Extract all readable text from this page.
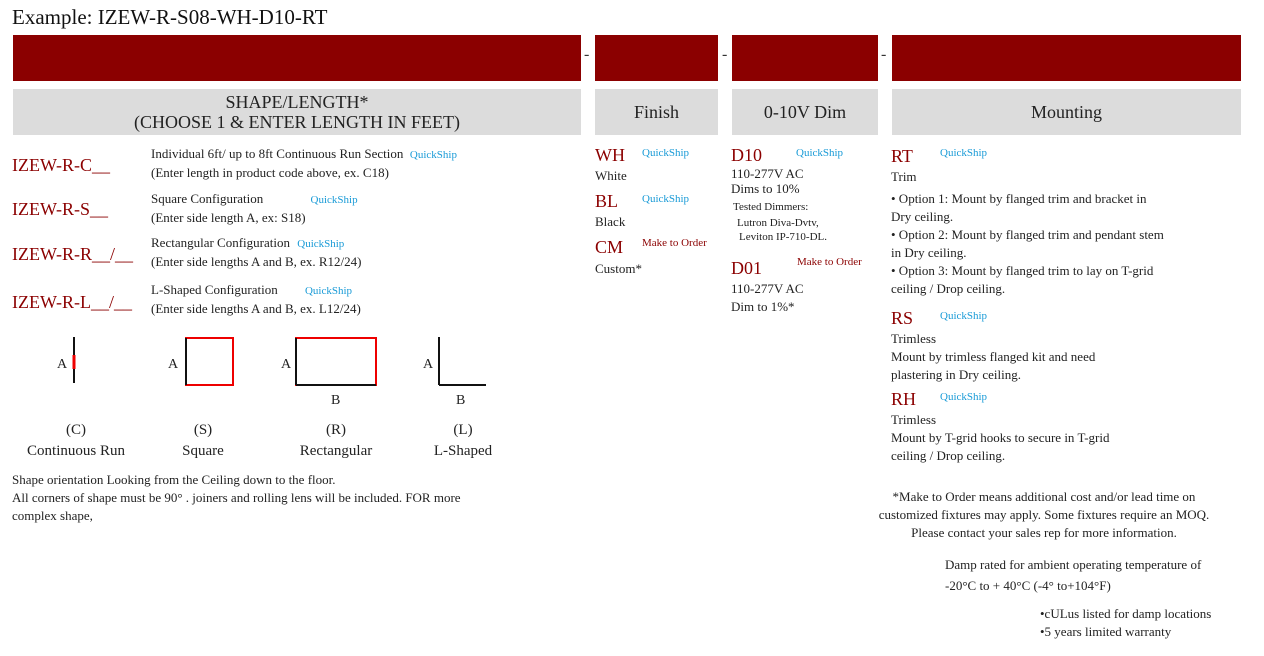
Example: IZEW-R-S08-WH-D10-RT
-	-	-
SHAPE/LENGTH*
(CHOOSE 1 & ENTER LENGTH IN FEET)	Finish	0-10V Dim	Mounting
IZEW-R-C__
Individual 6ft/ up to 8ft Continuous Run Section QuickShip
(Enter length in product code above, ex. C18)
IZEW-R-S__
Square Configuration	QuickShip
(Enter side length A, ex: S18)
IZEW-R-R__/__
Rectangular Configuration QuickShip
(Enter side lengths A and B, ex. R12/24)
IZEW-R-L__/__
L-Shaped Configuration QuickShip
(Enter side lengths A and B, ex. L12/24)
A	A	A	A
B	B
(C)
Continuous Run
(S)
Square
(R)
Rectangular
(L)
L-Shaped
Shape orientation Looking from the Ceiling down to the floor.
All corners of shape must be 90° . joiners and rolling lens will be included. FOR more
complex shape,
WH QuickShip
White
BL QuickShip
Black
CM Make to Order
Custom*
D10	QuickShip
110-277V AC
Dims to 10%
Tested Dimmers:
Lutron Diva-Dvtv,
Leviton IP-710-DL.
D01	Make to Order
110-277V AC
Dim to 1%*
RT QuickShip
Trim
• Option 1: Mount by flanged trim and bracket in
Dry ceiling.
• Option 2: Mount by flanged trim and pendant stem
in Dry ceiling.
• Option 3: Mount by flanged trim to lay on T-grid
ceiling / Drop ceiling.
RS QuickShip
Trimless
Mount by trimless flanged kit and need
plastering in Dry ceiling.
RH QuickShip
Trimless
Mount by T-grid hooks to secure in T-grid
ceiling / Drop ceiling.
*Make to Order means additional cost and/or lead time on
customized fixtures may apply. Some fixtures require an MOQ.
Please contact your sales rep for more information.
Damp rated for ambient operating temperature of
-20°C to + 40°C (-4° to+104°F)
•cULus listed for damp locations
•5 years limited warranty
